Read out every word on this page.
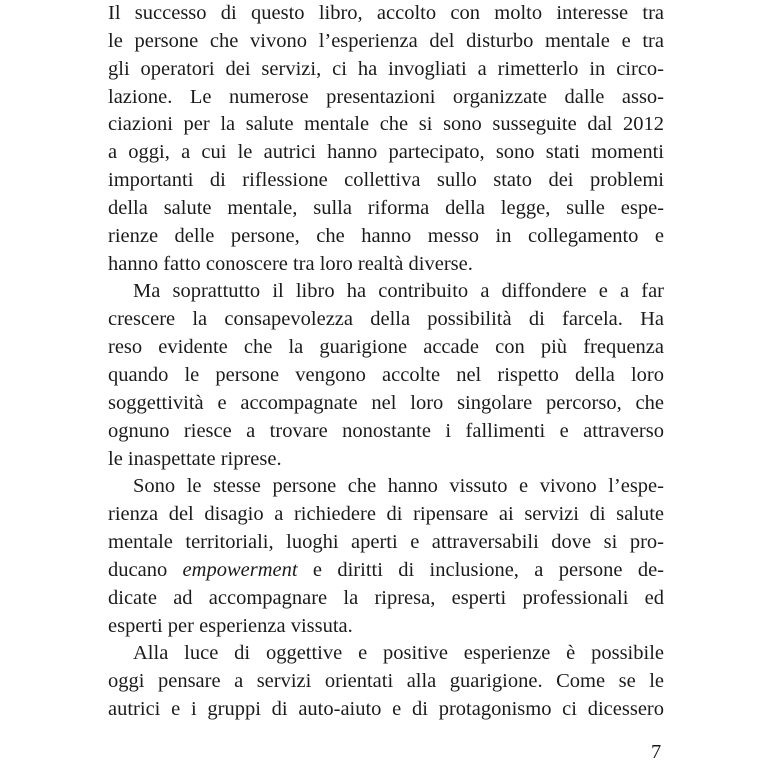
Il successo di questo libro, accolto con molto interesse tra
le persone che vivono l’esperienza del disturbo mentale e tra
gli operatori dei servizi, ci ha invogliati a rimetterlo in circo-
lazione. Le numerose presentazioni organizzate dalle asso-
ciazioni per la salute mentale che si sono susseguite dal 2012
a oggi, a cui le autrici hanno partecipato, sono stati momenti
importanti di riflessione collettiva sullo stato dei problemi
della salute mentale, sulla riforma della legge, sulle espe-
rienze delle persone, che hanno messo in collegamento e
hanno fatto conoscere tra loro realtà diverse.
Ma soprattutto il libro ha contribuito a diffondere e a far
crescere la consapevolezza della possibilità di farcela. Ha
reso evidente che la guarigione accade con più frequenza
quando le persone vengono accolte nel rispetto della loro
soggettività e accompagnate nel loro singolare percorso, che
ognuno riesce a trovare nonostante i fallimenti e attraverso
le inaspettate riprese.
Sono le stesse persone che hanno vissuto e vivono l’espe-
rienza del disagio a richiedere di ripensare ai servizi di salute
mentale territoriali, luoghi aperti e attraversabili dove si pro-
ducano empowerment e diritti di inclusione, a persone de-
dicate ad accompagnare la ripresa, esperti professionali ed
esperti per esperienza vissuta.
Alla luce di oggettive e positive esperienze è possibile
oggi pensare a servizi orientati alla guarigione. Come se le
autrici e i gruppi di auto-aiuto e di protagonismo ci dicessero
7
